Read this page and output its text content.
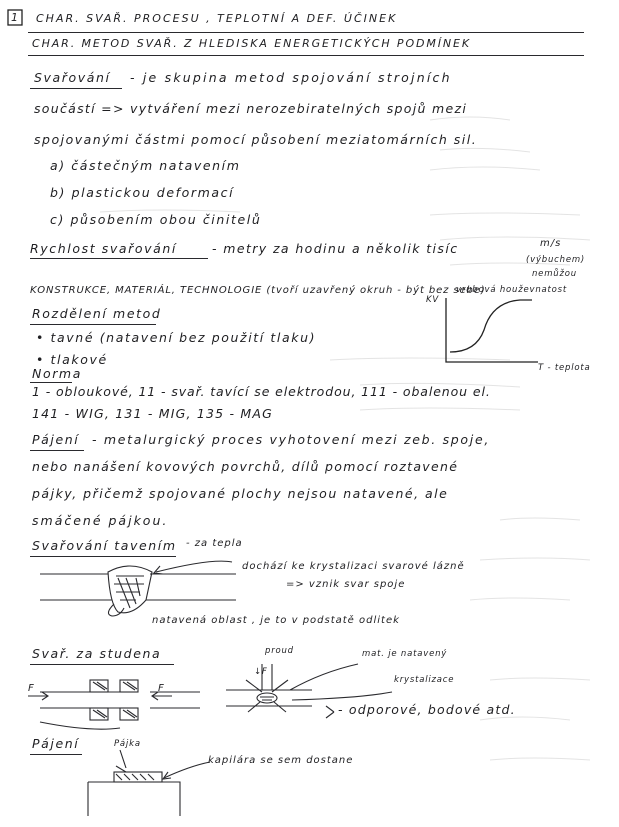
1 CHAR. SVAŘ. PROCESU , TEPLOTNÍ A DEF. ÚČINEK
CHAR. METOD SVAŘ. Z HLEDISKA ENERGETICKÝCH PODMÍNEK
Svařování - je skupina metod spojování strojních
součástí => vytváření mezi nerozebiratelných spojů mezi
spojovanými částmi pomocí působení meziatomárních sil.
a) částečným natavením
b) plastickou deformací
c) působením obou činitelů
Rychlost svařování	- metry za hodinu a několik tisíc	m/s
(výbuchem)
nemůžou
KONSTRUKCE, MATERIÁL, TECHNOLOGIE (tvoří uzavřený okruh - být bez sebe)
Rozdělení metod
• tavné (natavení bez použití tlaku)
• tlakové
KV
vrubová houževnatost
T - teplota
Norma
1 - obloukové, 11 - svař. tavící se elektrodou, 111 - obalenou el.
141 - WIG, 131 - MIG, 135 - MAG
Pájení - metalurgický proces vyhotovení mezi zeb. spoje,
nebo nanášení kovových povrchů, dílů pomocí roztavené
pájky, přičemž spojované plochy nejsou natavené, ale
smáčené pájkou.
Svařování tavením - za tepla
dochází ke krystalizaci svarové lázně
=> vznik svar spoje
natavená oblast , je to v podstatě odlitek
Svař. za studena
F	F
proud
↓F
mat. je natavený
krystalizace
- odporové, bodové atd.
Pájení	Pájka
kapilára se sem dostane
